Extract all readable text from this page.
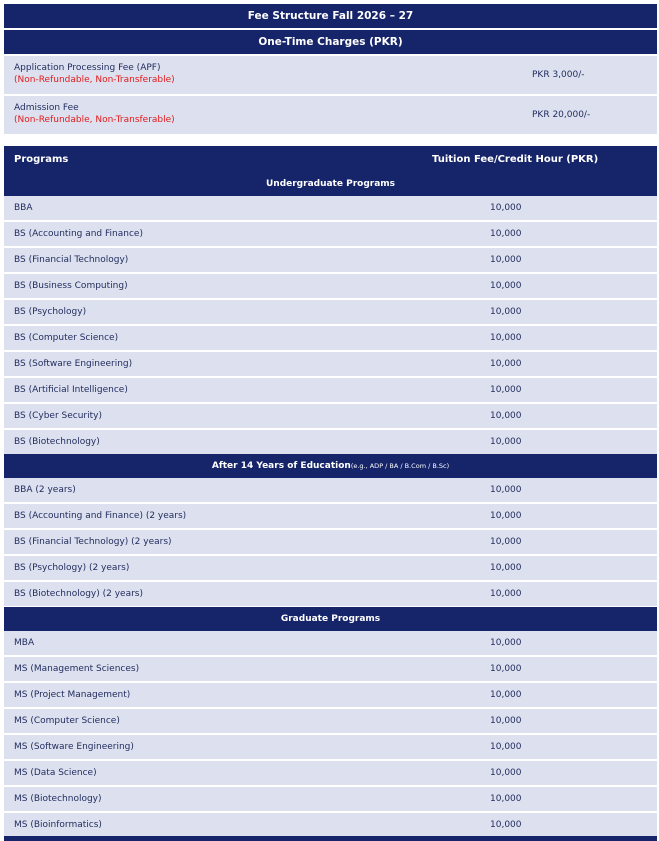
Fee Structure Fall 2026 – 27
One-Time Charges (PKR)
Application Processing Fee (APF)
(Non-Refundable, Non-Transferable)	PKR 3,000/-
Admission Fee
(Non-Refundable, Non-Transferable)	PKR 20,000/-
Programs	Tuition Fee/Credit Hour (PKR)
Undergraduate Programs
BBA	10,000
BS (Accounting and Finance)	10,000
BS (Financial Technology)	10,000
BS (Business Computing)	10,000
BS (Psychology)	10,000
BS (Computer Science)	10,000
BS (Software Engineering)	10,000
BS (Artificial Intelligence)	10,000
BS (Cyber Security)	10,000
BS (Biotechnology)	10,000
After 14 Years of Education (e.g., ADP / BA / B.Com / B.Sc)
BBA (2 years)	10,000
BS (Accounting and Finance) (2 years)	10,000
BS (Financial Technology) (2 years)	10,000
BS (Psychology) (2 years)	10,000
BS (Biotechnology) (2 years)	10,000
Graduate Programs
MBA	10,000
MS (Management Sciences)	10,000
MS (Project Management)	10,000
MS (Computer Science)	10,000
MS (Software Engineering)	10,000
MS (Data Science)	10,000
MS (Biotechnology)	10,000
MS (Bioinformatics)	10,000
